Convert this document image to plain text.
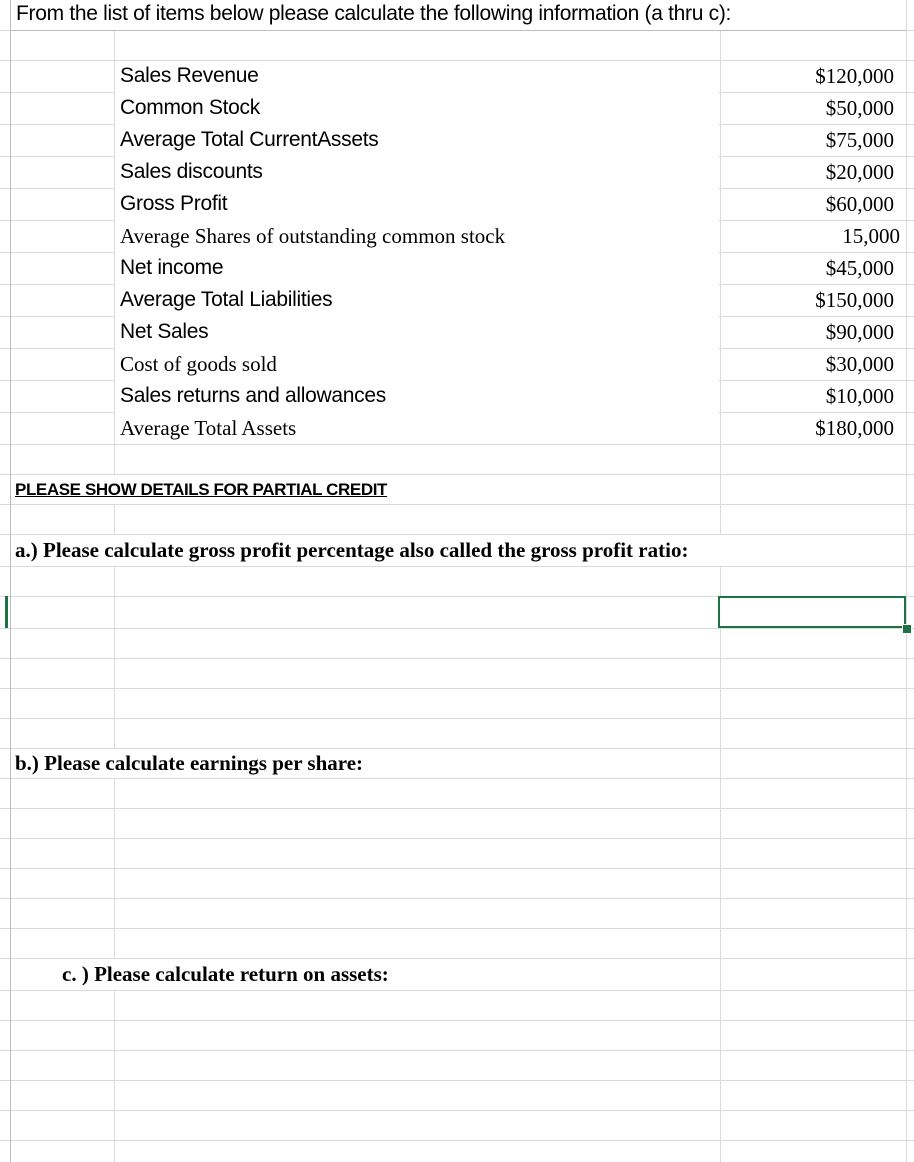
From the list of items below please calculate the following information (a thru c):
Sales Revenue
Common Stock
Average Total CurrentAssets
Sales discounts
Gross Profit
Average Shares of outstanding common stock
Net income
Average Total Liabilities
Net Sales
Cost of goods sold
Sales returns and allowances
Average Total Assets
$120,000
$50,000
$75,000
$20,000
$60,000
15,000
$45,000
$150,000
$90,000
$30,000
$10,000
$180,000
PLEASE SHOW DETAILS FOR PARTIAL CREDIT
a.) Please calculate gross profit percentage also called the gross profit ratio:
b.) Please calculate earnings per share:
c. ) Please calculate return on assets:
